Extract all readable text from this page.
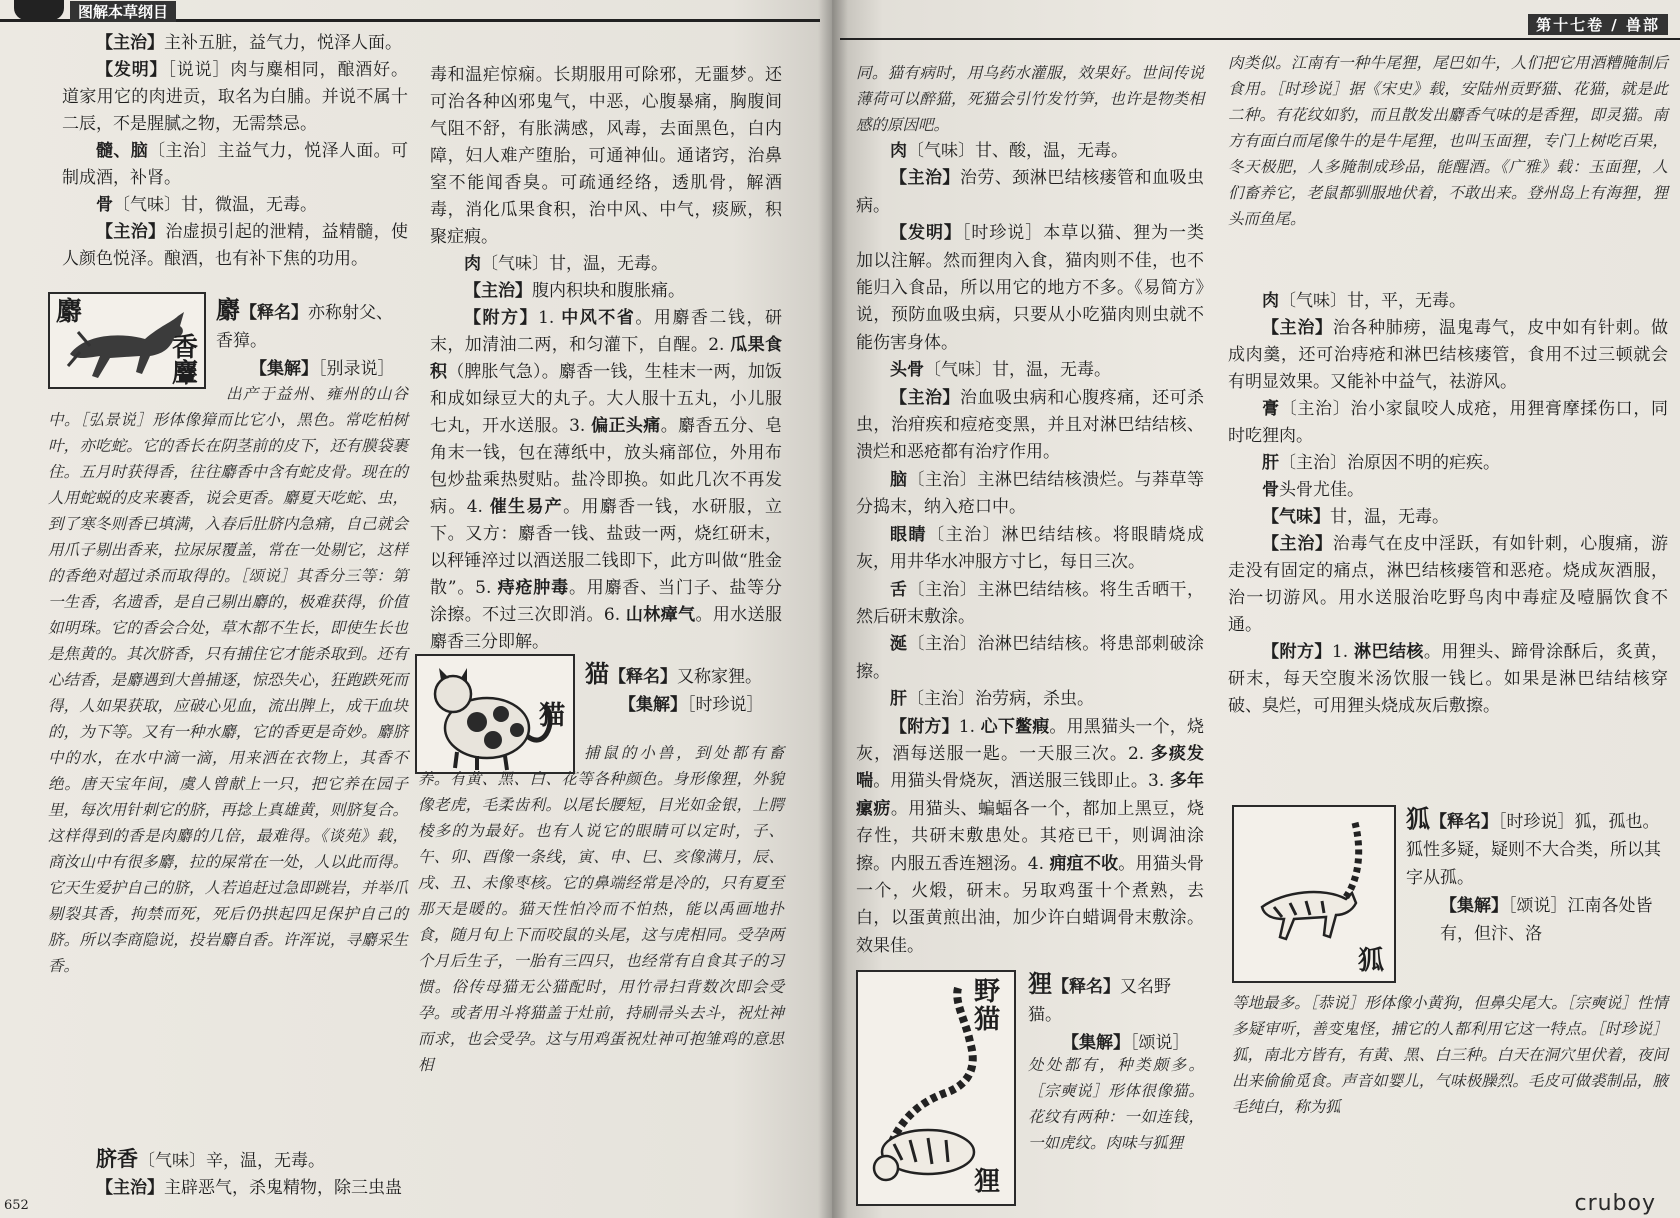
图解本草纲目

【主治】主补五脏，益气力，悦泽人面。

【发明】［说说］肉与麋相同，酿酒好。道家用它的肉进贡，取名为白脯。并说不属十二辰，不是腥腻之物，无需禁忌。

髓、脑〔主治〕主益气力，悦泽人面。可制成酒，补肾。

骨〔气味〕甘，微温，无毒。

【主治】治虚损引起的泄精，益精髓，使人颜色悦泽。酿酒，也有补下焦的功用。

麝
香
麞
麝【释名】亦称射父、香獐。
【集解】［别录说］
出产于益州、雍州的山谷中。［弘景说］形体像獐而比它小，黑色。常吃柏树叶，亦吃蛇。它的香长在阴茎前的皮下，还有膜袋裹住。五月时获得香，往往麝香中含有蛇皮骨。现在的人用蛇蜕的皮来裹香，说会更香。麝夏天吃蛇、虫，到了寒冬则香已填满，入春后肚脐内急痛，自己就会用爪子剔出香来，拉尿尿覆盖，常在一处剔它，这样的香绝对超过杀而取得的。［颂说］其香分三等：第一生香，名遗香，是自己剔出麝的，极难获得，价值如明珠。它的香会合处，草木都不生长，即使生长也是焦黄的。其次脐香，只有捕住它才能杀取到。还有心结香，是麝遇到大兽捕逐，惊恐失心，狂跑跌死而得，人如果获取，应破心见血，流出脾上，成干血块的，为下等。又有一种水麝，它的香更是奇妙。麝脐中的水，在水中滴一滴，用来洒在衣物上，其香不绝。唐天宝年间，虞人曾献上一只，把它养在园子里，每次用针刺它的脐，再捻上真雄黄，则脐复合。这样得到的香是肉麝的几倍，最难得。《谈苑》载，商汝山中有很多麝，拉的屎常在一处，人以此而得。它天生爱护自己的脐，人若追赶过急即跳岩，并举爪剔裂其香，拘禁而死，死后仍拱起四足保护自己的脐。所以李商隐说，投岩麝自香。许浑说，寻麝采生香。

脐香〔气味〕辛，温，无毒。

【主治】主辟恶气，杀鬼精物，除三虫蛊

毒和温疟惊痫。长期服用可除邪，无噩梦。还可治各种凶邪鬼气，中恶，心腹暴痛，胸腹间气阻不舒，有胀满感，风毒，去面黑色，白内障，妇人难产堕胎，可通神仙。通诸窍，治鼻窒不能闻香臭。可疏通经络，透肌骨，解酒毒，消化瓜果食积，治中风、中气，痰厥，积聚症瘕。

肉〔气味〕甘，温，无毒。

【主治】腹内积块和腹胀痛。

【附方】1. 中风不省。用麝香二钱，研末，加清油二两，和匀灌下，自醒。2. 瓜果食积（脾胀气急）。麝香一钱，生桂末一两，加饭和成如绿豆大的丸子。大人服十五丸，小儿服七丸，开水送服。3. 偏正头痛。麝香五分、皂角末一钱，包在薄纸中，放头痛部位，外用布包炒盐乘热熨贴。盐冷即换。如此几次不再发病。4. 催生易产。用麝香一钱，水研服，立下。又方：麝香一钱、盐豉一两，烧红研末，以秤锤淬过以酒送服二钱即下，此方叫做“胜金散”。5. 痔疮肿毒。用麝香、当门子、盐等分涂擦。不过三次即消。6. 山林瘴气。用水送服麝香三分即解。

猫
猫【释名】又称家狸。
【集解】［时珍说］
捕鼠的小兽，到处都有畜养。有黄、黑、白、花等各种颜色。身形像狸，外貌像老虎，毛柔齿利。以尾长腰短，目光如金银，上腭棱多的为最好。也有人说它的眼睛可以定时，子、午、卯、酉像一条线，寅、申、巳、亥像满月，辰、戌、丑、未像枣核。它的鼻端经常是冷的，只有夏至那天是暖的。猫天性怕冷而不怕热，能以禹画地扑食，随月旬上下而咬鼠的头尾，这与虎相同。受孕两个月后生子，一胎有三四只，也经常有自食其子的习惯。俗传母猫无公猫配时，用竹帚扫背数次即会受孕。或者用斗将猫盖于灶前，持刷帚头去斗，祝灶神而求，也会受孕。这与用鸡蛋祝灶神可抱雏鸡的意思相
652
第十七卷 / 兽部
同。猫有病时，用乌药水灌服，效果好。世间传说薄荷可以醉猫，死猫会引竹发竹笋，也许是物类相感的原因吧。

肉〔气味〕甘、酸，温，无毒。

【主治】治劳、颈淋巴结核瘘管和血吸虫病。

【发明】［时珍说］本草以猫、狸为一类加以注解。然而狸肉入食，猫肉则不佳，也不能归入食品，所以用它的地方不多。《易简方》说，预防血吸虫病，只要从小吃猫肉则虫就不能伤害身体。

头骨〔气味〕甘，温，无毒。

【主治】治血吸虫病和心腹疼痛，还可杀虫，治疳疾和痘疮变黑，并且对淋巴结结核、溃烂和恶疮都有治疗作用。

脑〔主治〕主淋巴结结核溃烂。与莽草等分捣末，纳入疮口中。

眼睛〔主治〕淋巴结结核。将眼睛烧成灰，用井华水冲服方寸匕，每日三次。

舌〔主治〕主淋巴结结核。将生舌晒干，然后研末敷涂。

涎〔主治〕治淋巴结结核。将患部刺破涂擦。

肝〔主治〕治劳病，杀虫。

【附方】1. 心下鳖瘕。用黑猫头一个，烧灰，酒每送服一匙。一天服三次。2. 多痰发喘。用猫头骨烧灰，酒送服三钱即止。3. 多年瘰疬。用猫头、蝙蝠各一个，都加上黑豆，烧存性，共研末敷患处。其疮已干，则调油涂擦。内服五香连翘汤。4. 痈疽不收。用猫头骨一个，火煅，研末。另取鸡蛋十个煮熟，去白，以蛋黄煎出油，加少许白蜡调骨末敷涂。效果佳。

野
猫
狸
狸【释名】又名野猫。
【集解】［颂说］
处处都有，种类颇多。［宗奭说］形体很像猫。花纹有两种：一如连钱，一如虎纹。肉味与狐狸
肉类似。江南有一种牛尾狸，尾巴如牛，人们把它用酒糟腌制后食用。［时珍说］据《宋史》载，安陆州贡野猫、花猫，就是此二种。有花纹如豹，而且散发出麝香气味的是香狸，即灵猫。南方有面白而尾像牛的是牛尾狸，也叫玉面狸，专门上树吃百果，冬天极肥，人多腌制成珍品，能醒酒。《广雅》载：玉面狸，人们畜养它，老鼠都驯服地伏着，不敢出来。登州岛上有海狸，狸头而鱼尾。

肉〔气味〕甘，平，无毒。

【主治】治各种肺痨，温鬼毒气，皮中如有针刺。做成肉羹，还可治痔疮和淋巴结核瘘管，食用不过三顿就会有明显效果。又能补中益气，祛游风。

膏〔主治〕治小家鼠咬人成疮，用狸膏摩揉伤口，同时吃狸肉。

肝〔主治〕治原因不明的疟疾。

骨头骨尤佳。

【气味】甘，温，无毒。

【主治】治毒气在皮中淫跃，有如针刺，心腹痛，游走没有固定的痛点，淋巴结核瘘管和恶疮。烧成灰酒服，治一切游风。用水送服治吃野鸟肉中毒症及噎膈饮食不通。

【附方】1. 淋巴结核。用狸头、蹄骨涂酥后，炙黄，研末，每天空腹米汤饮服一钱匕。如果是淋巴结结核穿破、臭烂，可用狸头烧成灰后敷擦。

狐
狐【释名】［时珍说］狐，孤也。狐性多疑，疑则不大合类，所以其字从孤。
【集解】［颂说］江南各处皆有，但汴、洛
等地最多。［恭说］形体像小黄狗，但鼻尖尾大。［宗奭说］性情多疑审听，善变鬼怪，捕它的人都利用它这一特点。［时珍说］狐，南北方皆有，有黄、黑、白三种。白天在洞穴里伏着，夜间出来偷偷觅食。声音如婴儿，气味极臊烈。毛皮可做裘制品，腋毛纯白，称为狐
cruboy
